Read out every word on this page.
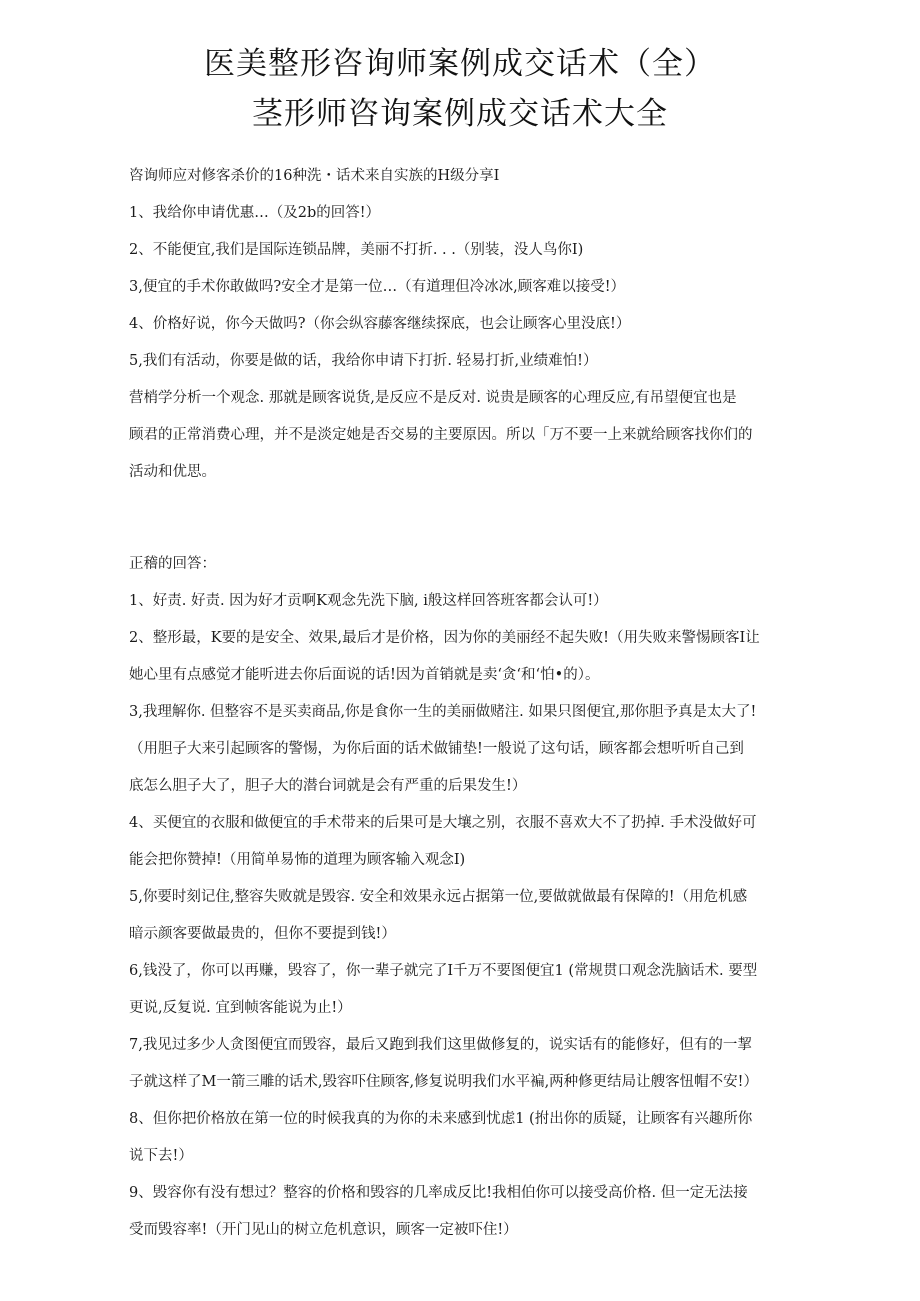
医美整形咨询师案例成交话术（全）
茎形师咨询案例成交话术大全
咨询师应对修客杀价的16种洗・话术来自实族的H级分享I
1、我给你申请优惠…（及2b的回答!）
2、不能便宜,我们是国际连锁品牌，美丽不打折. . .（别装，没人鸟你I)
3,便宜的手术你敢做吗?安全才是第一位…（有道理但冷冰冰,顾客难以接受!）
4、价格好说，你今天做吗?（你会纵容藤客继续探底，也会让顾客心里没底!）
5,我们有活动，你要是做的话，我给你申请下打折. 轻易打折,业绩难怕!）
营梢学分析一个观念. 那就是顾客说货,是反应不是反对. 说贵是顾客的心理反应,有吊望便宜也是
顾君的正常消费心理，并不是淡定她是否交易的主要原因。所以「万不要一上来就给顾客找你们的
活动和优思。
正稽的回答：
1、好责. 好责. 因为好才贡啊K观念先洗下脑, i般这样回答班客都会认可!）
2、整形最，K要的是安全、效果,最后才是价格，因为你的美丽经不起失败!（用失败来警惕顾客I让
她心里有点感觉才能听进去你后面说的话!因为首销就是卖‘贪‘和‘怕•的）。
3,我理解你. 但整容不是买卖商品,你是食你一生的美丽做赌注. 如果只图便宜,那你胆予真是太大了!
（用胆子大来引起顾客的警惕，为你后面的话术做铺垫!一般说了这句话，顾客都会想听听自己到
底怎么胆子大了，胆子大的潜台词就是会有严重的后果发生!）
4、买便宜的衣服和做便宜的手术带来的后果可是大壤之别，衣服不喜欢大不了扔掉. 手术没做好可
能会把你赞掉!（用简单易怖的道理为顾客输入观念I)
5,你要时刻记住,整容失败就是毁容. 安全和效果永远占据第一位,要做就做最有保障的!（用危机感
暗示颜客要做最贵的，但你不要提到钱!）
6,钱没了，你可以再赚，毁容了，你一辈子就完了I千万不要图便宜1 (常规贯口观念洗脑话术. 要型
更说,反复说. 宜到帧客能说为止!）
7,我见过多少人贪图便宜而毁容，最后又跑到我们这里做修复的，说实话有的能修好，但有的一挈
子就这样了M一箭三雕的话术,毁容吓住顾客,修复说明我们水平褊,两种修更结局让艘客忸帽不安!）
8、但你把价格放在第一位的时候我真的为你的未来感到忧虑1 (拊出你的质疑，让顾客有兴趣所你
说下去!）
9、毁容你有没有想过？整容的价格和毁容的几率成反比!我相伯你可以接受高价格. 但一定无法接
受而毁容率!（开门见山的树立危机意识，顾客一定被吓住!）
